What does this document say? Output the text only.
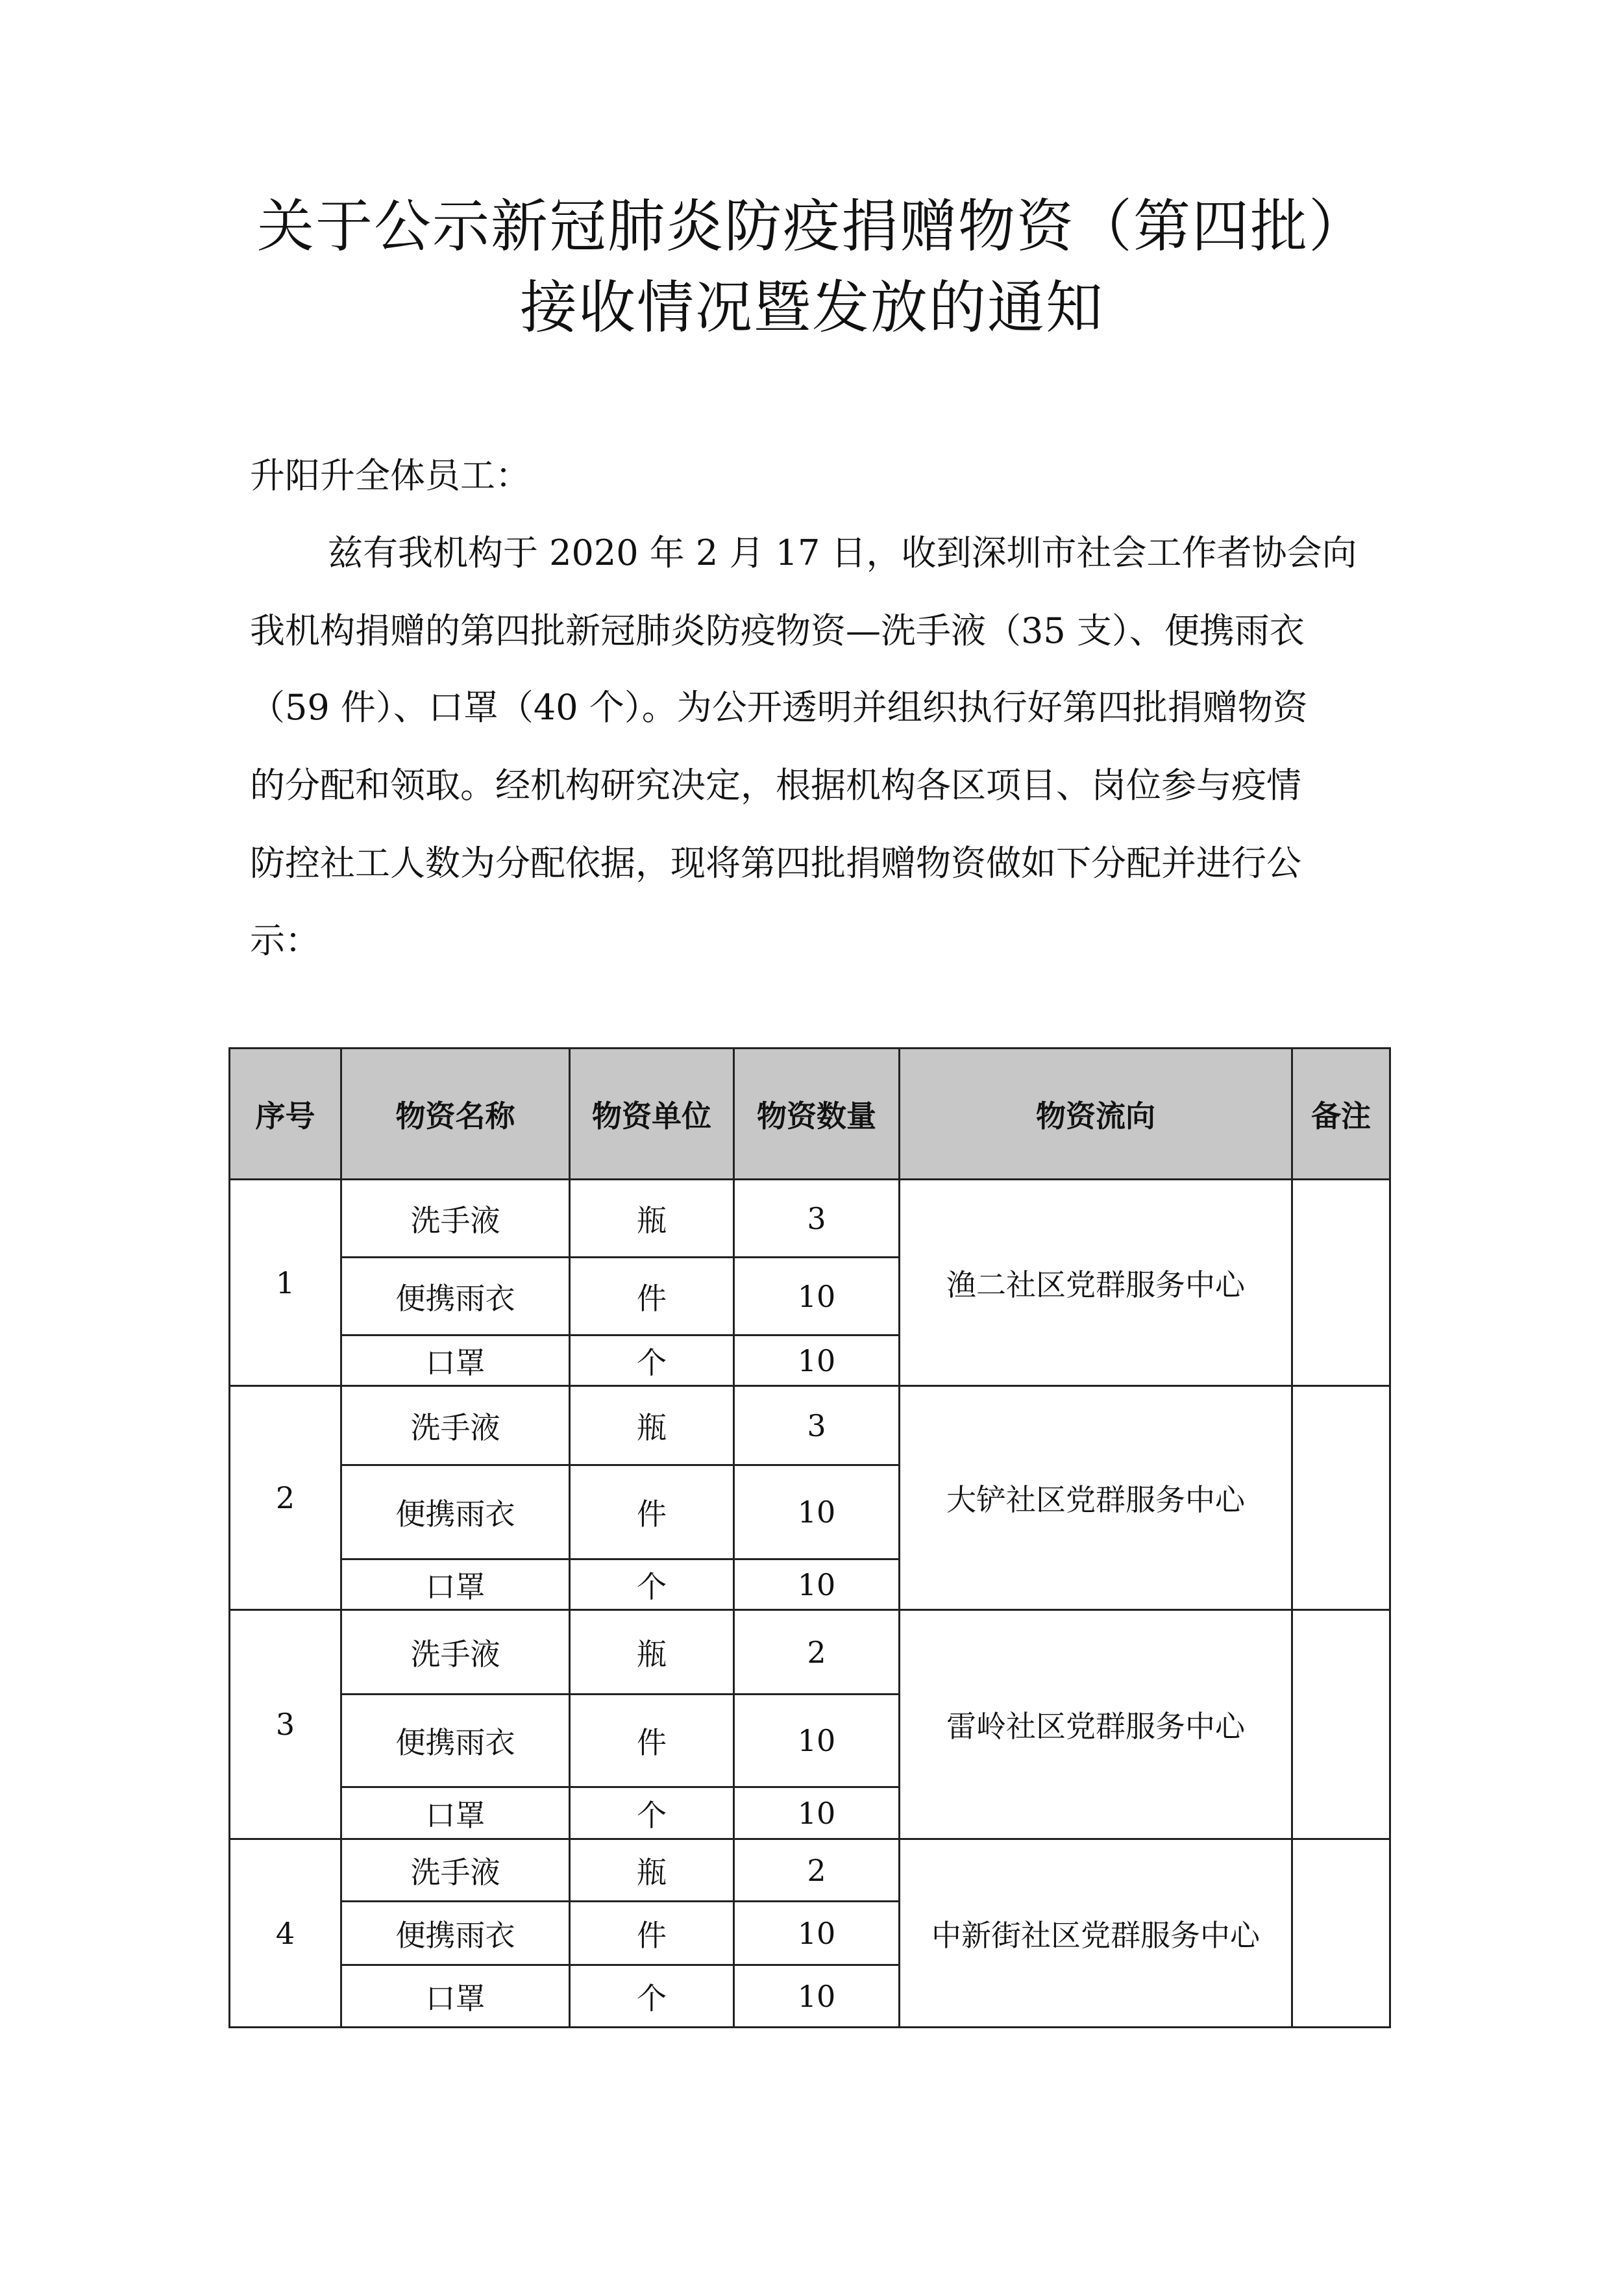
关于公示新冠肺炎防疫捐赠物资（第四批）
接收情况暨发放的通知
升阳升全体员工：
兹有我机构于 2020 年 2 月 17 日，收到深圳市社会工作者协会向
我机构捐赠的第四批新冠肺炎防疫物资—洗手液（35 支）、便携雨衣
（59 件）、口罩（40 个）。为公开透明并组织执行好第四批捐赠物资
的分配和领取。经机构研究决定，根据机构各区项目、岗位参与疫情
防控社工人数为分配依据，现将第四批捐赠物资做如下分配并进行公
示：
序号	物资名称	物资单位	物资数量	物资流向	备注
1	洗手液	瓶	3	渔二社区党群服务中心	
	便携雨衣	件	10		
	口罩	个	10		
2	洗手液	瓶	3	大铲社区党群服务中心	
	便携雨衣	件	10		
	口罩	个	10		
3	洗手液	瓶	2	雷岭社区党群服务中心	
	便携雨衣	件	10		
	口罩	个	10		
4	洗手液	瓶	2	中新街社区党群服务中心	
	便携雨衣	件	10		
	口罩	个	10		
